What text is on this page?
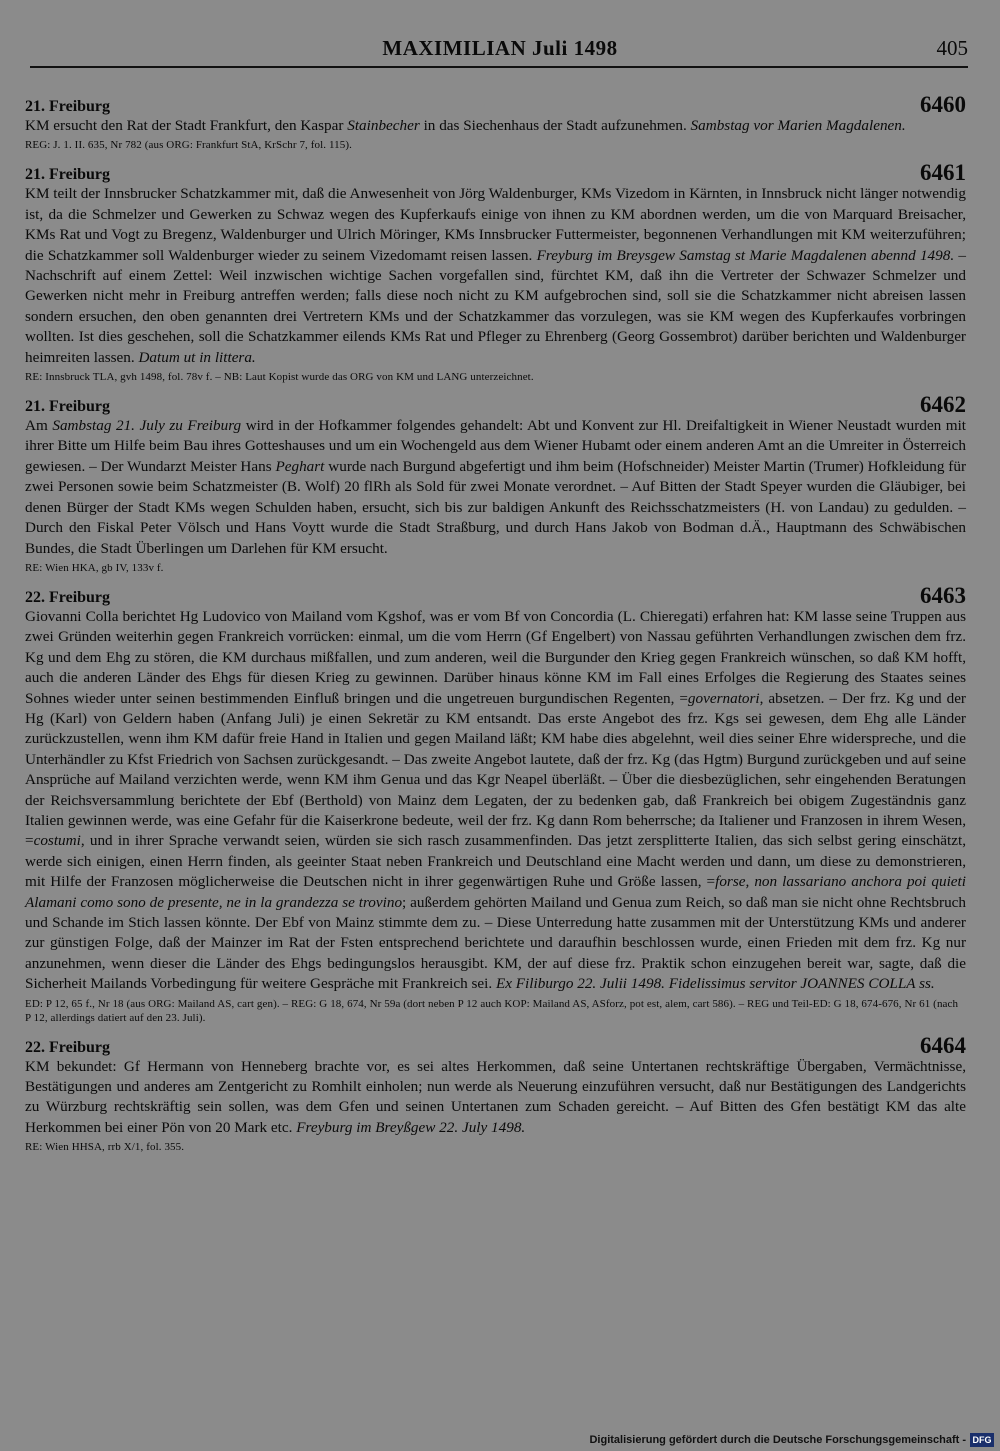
MAXIMILIAN Juli 1498	405
21. Freiburg	6460
KM ersucht den Rat der Stadt Frankfurt, den Kaspar Stainbecher in das Siechenhaus der Stadt aufzunehmen. Sambstag vor Marien Magdalenen.
REG: J. 1. II. 635, Nr 782 (aus ORG: Frankfurt StA, KrSchr 7, fol. 115).
21. Freiburg	6461
KM teilt der Innsbrucker Schatzkammer mit, daß die Anwesenheit von Jörg Waldenburger, KMs Vizedom in Kärnten, in Innsbruck nicht länger notwendig ist, da die Schmelzer und Gewerken zu Schwaz wegen des Kupferkaufs einige von ihnen zu KM abordnen werden, um die von Marquard Breisacher, KMs Rat und Vogt zu Bregenz, Waldenburger und Ulrich Möringer, KMs Innsbrucker Futtermeister, begonnenen Verhandlungen mit KM weiterzuführen; die Schatzkammer soll Waldenburger wieder zu seinem Vizedomamt reisen lassen. Freyburg im Breysgew Samstag st Marie Magdalenen abennd 1498. – Nachschrift auf einem Zettel: Weil inzwischen wichtige Sachen vorgefallen sind, fürchtet KM, daß ihn die Vertreter der Schwazer Schmelzer und Gewerken nicht mehr in Freiburg antreffen werden; falls diese noch nicht zu KM aufgebrochen sind, soll sie die Schatzkammer nicht abreisen lassen sondern ersuchen, den oben genannten drei Vertretern KMs und der Schatzkammer das vorzulegen, was sie KM wegen des Kupferkaufes vorbringen wollten. Ist dies geschehen, soll die Schatzkammer eilends KMs Rat und Pfleger zu Ehrenberg (Georg Gossembrot) darüber berichten und Waldenburger heimreiten lassen. Datum ut in littera.
RE: Innsbruck TLA, gvh 1498, fol. 78v f. – NB: Laut Kopist wurde das ORG von KM und LANG unterzeichnet.
21. Freiburg	6462
Am Sambstag 21. July zu Freiburg wird in der Hofkammer folgendes gehandelt: Abt und Konvent zur Hl. Dreifaltigkeit in Wiener Neustadt wurden mit ihrer Bitte um Hilfe beim Bau ihres Gotteshauses und um ein Wochengeld aus dem Wiener Hubamt oder einem anderen Amt an die Umreiter in Österreich gewiesen. – Der Wundarzt Meister Hans Peghart wurde nach Burgund abgefertigt und ihm beim (Hofschneider) Meister Martin (Trumer) Hofkleidung für zwei Personen sowie beim Schatzmeister (B. Wolf) 20 flRh als Sold für zwei Monate verordnet. – Auf Bitten der Stadt Speyer wurden die Gläubiger, bei denen Bürger der Stadt KMs wegen Schulden haben, ersucht, sich bis zur baldigen Ankunft des Reichsschatzmeisters (H. von Landau) zu gedulden. – Durch den Fiskal Peter Völsch und Hans Voytt wurde die Stadt Straßburg, und durch Hans Jakob von Bodman d.Ä., Hauptmann des Schwäbischen Bundes, die Stadt Überlingen um Darlehen für KM ersucht.
RE: Wien HKA, gb IV, 133v f.
22. Freiburg	6463
Giovanni Colla berichtet Hg Ludovico von Mailand vom Kgshof, was er vom Bf von Concordia (L. Chieregati) erfahren hat: KM lasse seine Truppen aus zwei Gründen weiterhin gegen Frankreich vorrücken: einmal, um die vom Herrn (Gf Engelbert) von Nassau geführten Verhandlungen zwischen dem frz. Kg und dem Ehg zu stören, die KM durchaus mißfallen, und zum anderen, weil die Burgunder den Krieg gegen Frankreich wünschen, so daß KM hofft, auch die anderen Länder des Ehgs für diesen Krieg zu gewinnen. Darüber hinaus könne KM im Fall eines Erfolges die Regierung des Staates seines Sohnes wieder unter seinen bestimmenden Einfluß bringen und die ungetreuen burgundischen Regenten, =governatori, absetzen. – Der frz. Kg und der Hg (Karl) von Geldern haben (Anfang Juli) je einen Sekretär zu KM entsandt. Das erste Angebot des frz. Kgs sei gewesen, dem Ehg alle Länder zurückzustellen, wenn ihm KM dafür freie Hand in Italien und gegen Mailand läßt; KM habe dies abgelehnt, weil dies seiner Ehre widerspreche, und die Unterhändler zu Kfst Friedrich von Sachsen zurückgesandt. – Das zweite Angebot lautete, daß der frz. Kg (das Hgtm) Burgund zurückgeben und auf seine Ansprüche auf Mailand verzichten werde, wenn KM ihm Genua und das Kgr Neapel überläßt. – Über die diesbezüglichen, sehr eingehenden Beratungen der Reichsversammlung berichtete der Ebf (Berthold) von Mainz dem Legaten, der zu bedenken gab, daß Frankreich bei obigem Zugeständnis ganz Italien gewinnen werde, was eine Gefahr für die Kaiserkrone bedeute, weil der frz. Kg dann Rom beherrsche; da Italiener und Franzosen in ihrem Wesen, =costumi, und in ihrer Sprache verwandt seien, würden sie sich rasch zusammenfinden. Das jetzt zersplitterte Italien, das sich selbst gering einschätzt, werde sich einigen, einen Herrn finden, als geeinter Staat neben Frankreich und Deutschland eine Macht werden und dann, um diese zu demonstrieren, mit Hilfe der Franzosen möglicherweise die Deutschen nicht in ihrer gegenwärtigen Ruhe und Größe lassen, =forse, non lassariano anchora poi quieti Alamani como sono de presente, ne in la grandezza se trovino; außerdem gehörten Mailand und Genua zum Reich, so daß man sie nicht ohne Rechtsbruch und Schande im Stich lassen könnte. Der Ebf von Mainz stimmte dem zu. – Diese Unterredung hatte zusammen mit der Unterstützung KMs und anderer zur günstigen Folge, daß der Mainzer im Rat der Fsten entsprechend berichtete und daraufhin beschlossen wurde, einen Frieden mit dem frz. Kg nur anzunehmen, wenn dieser die Länder des Ehgs bedingungslos herausgibt. KM, der auf diese frz. Praktik schon einzugehen bereit war, sagte, daß die Sicherheit Mailands Vorbedingung für weitere Gespräche mit Frankreich sei. Ex Filiburgo 22. Julii 1498. Fidelissimus servitor JOANNES COLLA ss.
ED: P 12, 65 f., Nr 18 (aus ORG: Mailand AS, cart gen). – REG: G 18, 674, Nr 59a (dort neben P 12 auch KOP: Mailand AS, ASforz, pot est, alem, cart 586). – REG und Teil-ED: G 18, 674-676, Nr 61 (nach P 12, allerdings datiert auf den 23. Juli).
22. Freiburg	6464
KM bekundet: Gf Hermann von Henneberg brachte vor, es sei altes Herkommen, daß seine Untertanen rechtskräftige Übergaben, Vermächtnisse, Bestätigungen und anderes am Zentgericht zu Romhilt einholen; nun werde als Neuerung einzuführen versucht, daß nur Bestätigungen des Landgerichts zu Würzburg rechtskräftig sein sollen, was dem Gfen und seinen Untertanen zum Schaden gereicht. – Auf Bitten des Gfen bestätigt KM das alte Herkommen bei einer Pön von 20 Mark etc. Freyburg im Breyßgew 22. July 1498.
RE: Wien HHSA, rrb X/1, fol. 355.
Digitalisierung gefördert durch die Deutsche Forschungsgemeinschaft - DFG
